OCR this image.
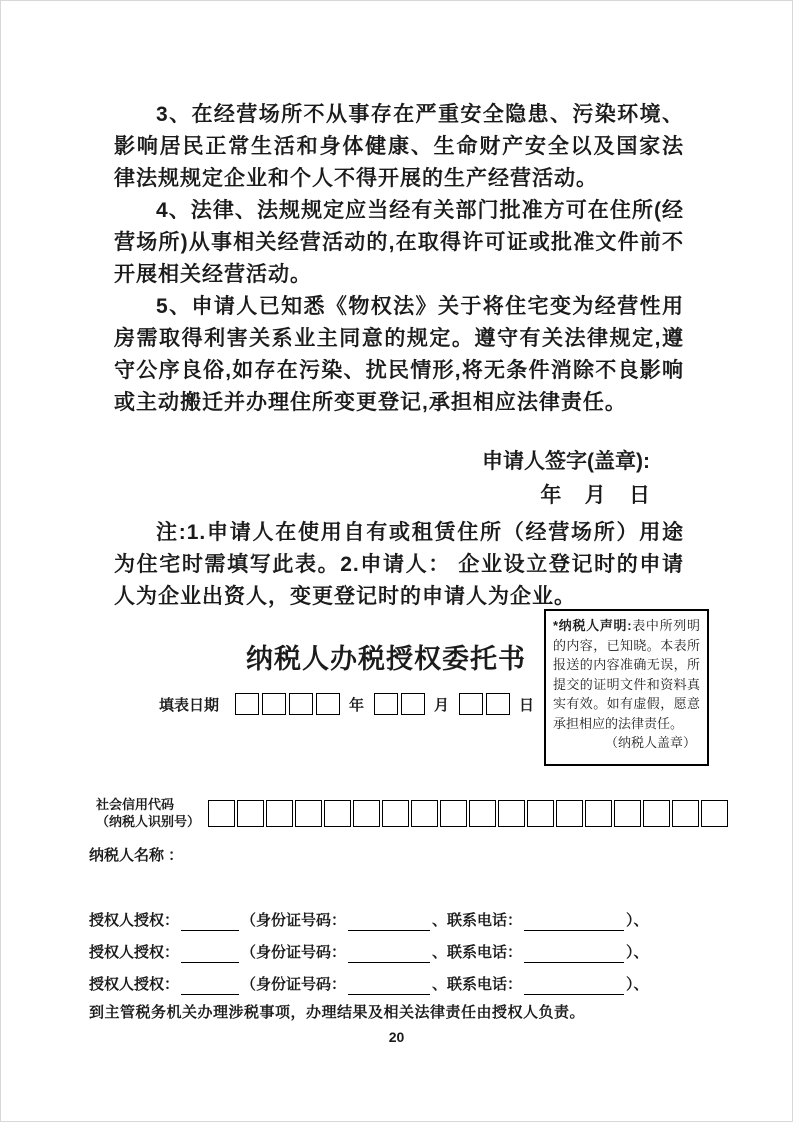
3、在经营场所不从事存在严重安全隐患、污染环境、影响居民正常生活和身体健康、生命财产安全以及国家法律法规规定企业和个人不得开展的生产经营活动。

4、法律、法规规定应当经有关部门批准方可在住所(经营场所)从事相关经营活动的,在取得许可证或批准文件前不开展相关经营活动。

5、申请人已知悉《物权法》关于将住宅变为经营性用房需取得利害关系业主同意的规定。遵守有关法律规定,遵守公序良俗,如存在污染、扰民情形,将无条件消除不良影响或主动搬迁并办理住所变更登记,承担相应法律责任。

申请人签字(盖章):
年    月    日

注:1.申请人在使用自有或租赁住所（经营场所）用途为住宅时需填写此表。2.申请人： 企业设立登记时的申请人为企业出资人，变更登记时的申请人为企业。

*纳税人声明:表中所列明的内容，已知晓。本表所报送的内容准确无误，所提交的证明文件和资料真实有效。如有虚假，愿意承担相应的法律责任。
（纳税人盖章）
纳税人办税授权委托书
填表日期	年	月	日
社会信用代码
（纳税人识别号）
纳税人名称 ：
授权人授权：	（身份证号码：	、联系电话：	）、
授权人授权：	（身份证号码：	、联系电话：	）、
授权人授权：	（身份证号码：	、联系电话：	）、
到主管税务机关办理涉税事项，办理结果及相关法律责任由授权人负责。
20
